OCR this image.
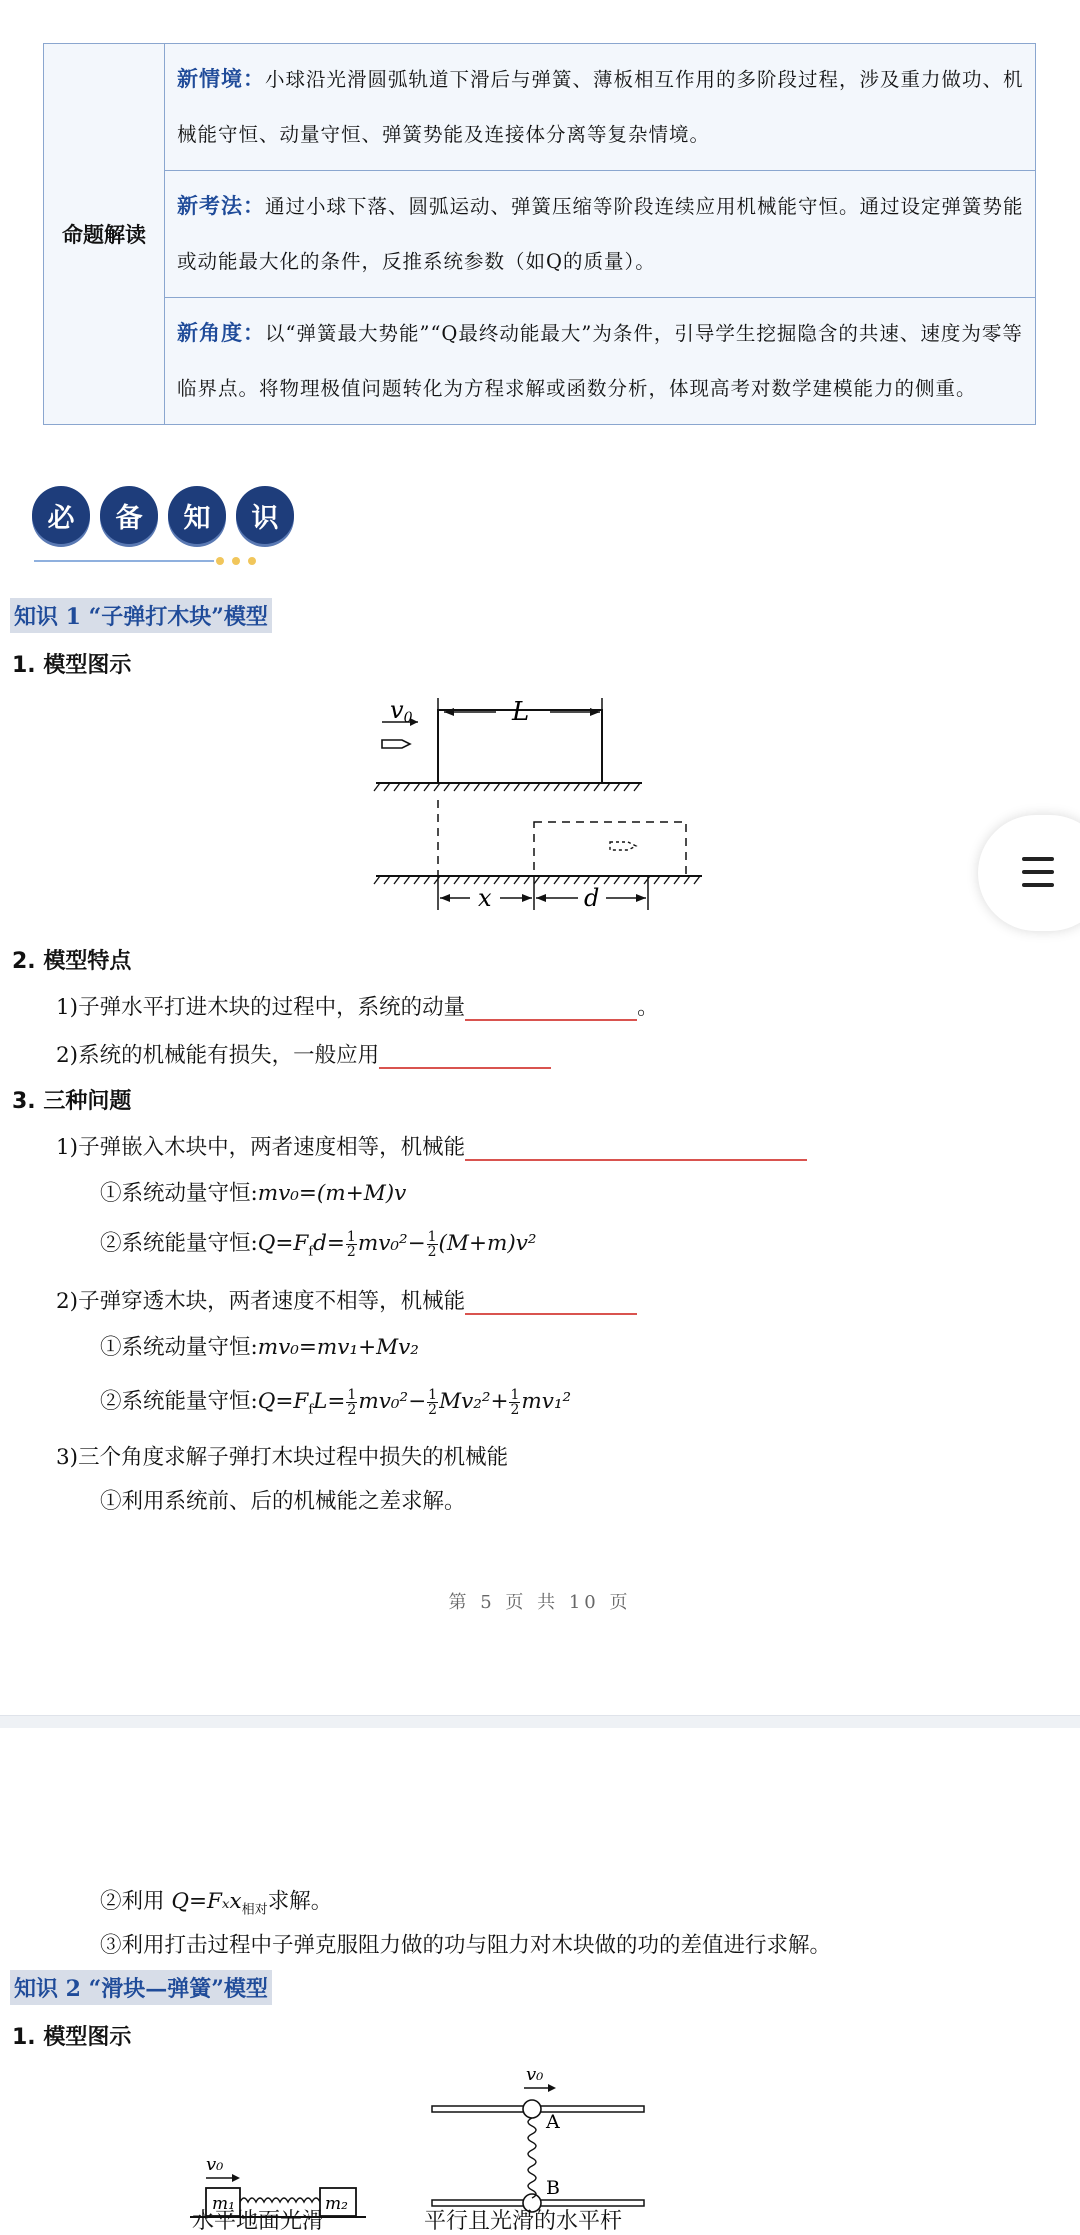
命题解读	新情境：小球沿光滑圆弧轨道下滑后与弹簧、薄板相互作用的多阶段过程，涉及重力做功、机械能守恒、动量守恒、弹簧势能及连接体分离等复杂情境。
新考法：通过小球下落、圆弧运动、弹簧压缩等阶段连续应用机械能守恒。通过设定弹簧势能或动能最大化的条件，反推系统参数（如Q的质量）。
新角度：以“弹簧最大势能”“Q最终动能最大”为条件，引导学生挖掘隐含的共速、速度为零等临界点。将物理极值问题转化为方程求解或函数分析，体现高考对数学建模能力的侧重。
必	备	知	识
知识 1 “子弹打木块”模型
1. 模型图示
v0	L
x	d
2. 模型特点
1)子弹水平打进木块的过程中，系统的动量	。
2)系统的机械能有损失，一般应用
3. 三种问题
1)子弹嵌入木块中，两者速度相等，机械能
①系统动量守恒:mv₀=(m+M)v
②系统能量守恒$:Q=F_fd= \frac{1}{2} mv_0^2- \frac{1}{2} (M+m)v^2$
2)子弹穿透木块，两者速度不相等，机械能
①系统动量守恒:mv₀=mv₁+Mv₂
②系统能量守恒$:Q=F_fL= \frac{1}{2} mv_0^2- \frac{1}{2} Mv_2^2+ \frac{1}{2} mv_1^2$
3)三个角度求解子弹打木块过程中损失的机械能
①利用系统前、后的机械能之差求解。
第 5 页 共 10 页
②利用 Q=Fₓx$_{相对}$求解。
③利用打击过程中子弹克服阻力做的功与阻力对木块做的功的差值进行求解。
知识 2 “滑块—弹簧”模型
1. 模型图示
v₀
m₁	m₂
v₀
A
B
水平地面光滑	平行且光滑的水平杆
